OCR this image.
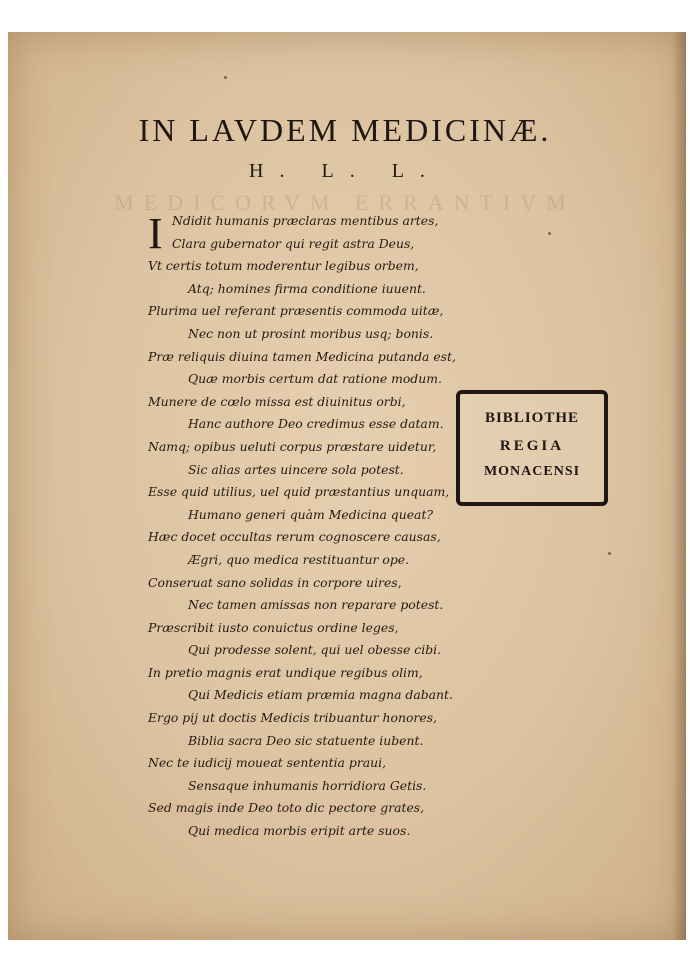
MEDICORVM ERRANTIVM
IN LAVDEM MEDICINÆ.
H. L. L.
I Ndidit humanis præclaras mentibus artes,
Clara gubernator qui regit astra Deus,
Vt certis totum moderentur legibus orbem,
Atq; homines firma conditione iuuent.
Plurima uel referant præsentis commoda uitæ,
Nec non ut prosint moribus usq; bonis.
Præ reliquis diuina tamen Medicina putanda est,
Quæ morbis certum dat ratione modum.
Munere de cœlo missa est diuinitus orbi,
Hanc authore Deo credimus esse datam.
Namq; opibus ueluti corpus præstare uidetur,
Sic alias artes uincere sola potest.
Esse quid utilius, uel quid præstantius unquam,
Humano generi quàm Medicina queat?
Hæc docet occultas rerum cognoscere causas,
Ægri, quo medica restituantur ope.
Conseruat sano solidas in corpore uires,
Nec tamen amissas non reparare potest.
Præscribit iusto conuictus ordine leges,
Qui prodesse solent, qui uel obesse cibi.
In pretio magnis erat undique regibus olim,
Qui Medicis etiam præmia magna dabant.
Ergo pij ut doctis Medicis tribuantur honores,
Biblia sacra Deo sic statuente iubent.
Nec te iudicij moueat sententia praui,
Sensaque inhumanis horridiora Getis.
Sed magis inde Deo toto dic pectore grates,
Qui medica morbis eripit arte suos.
BIBLIOTHE
REGIA
MONACENSI
